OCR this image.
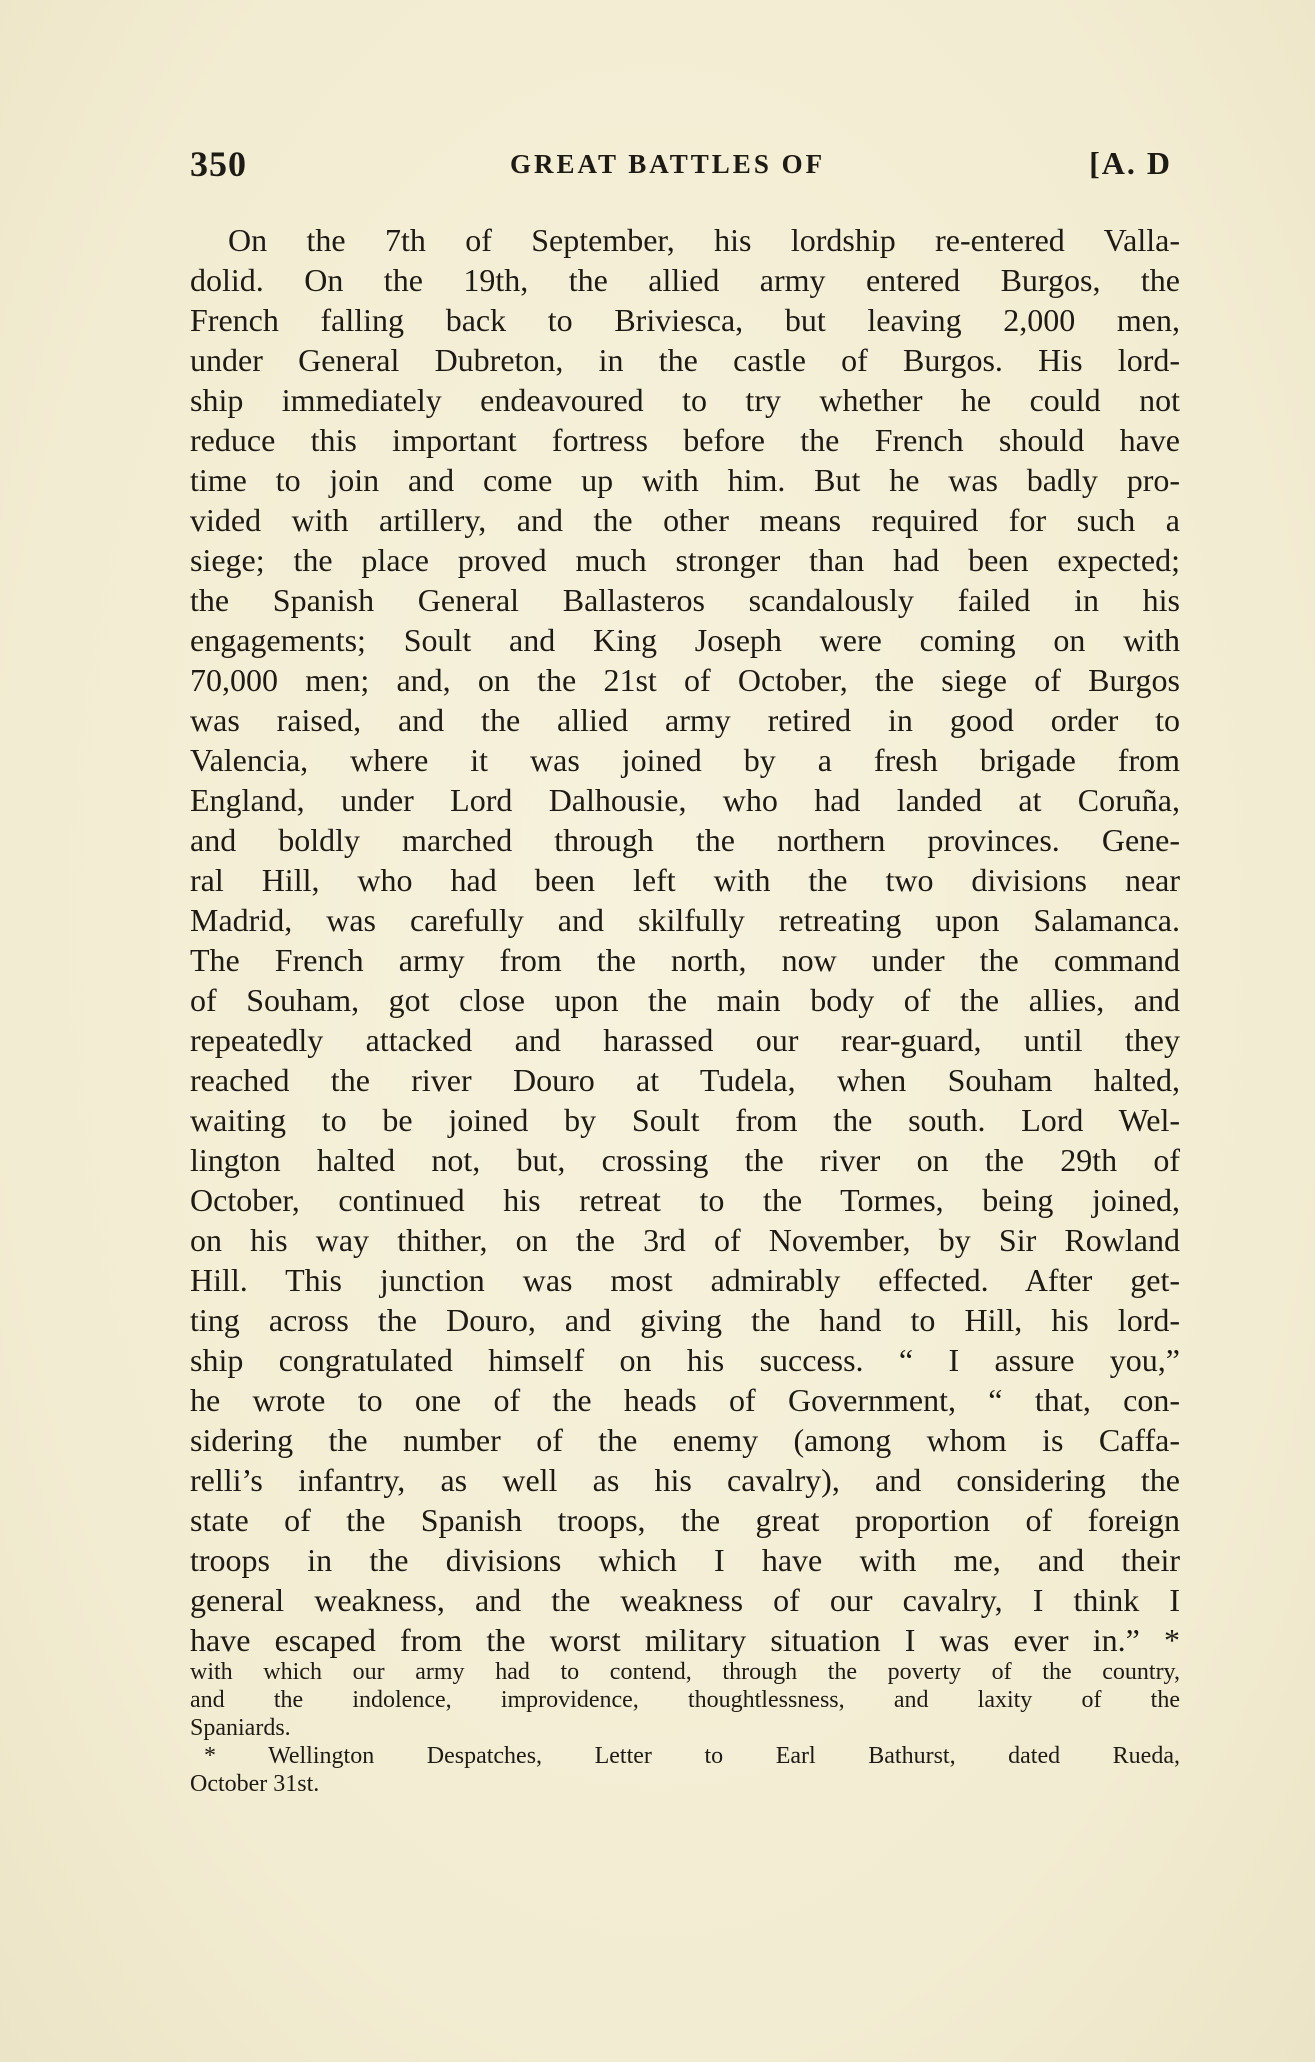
350	GREAT BATTLES OF	[A. D
On the 7th of September, his lordship re-entered Valla-
dolid. On the 19th, the allied army entered Burgos, the
French falling back to Briviesca, but leaving 2,000 men,
under General Dubreton, in the castle of Burgos. His lord-
ship immediately endeavoured to try whether he could not
reduce this important fortress before the French should have
time to join and come up with him. But he was badly pro-
vided with artillery, and the other means required for such a
siege; the place proved much stronger than had been expected;
the Spanish General Ballasteros scandalously failed in his
engagements; Soult and King Joseph were coming on with
70,000 men; and, on the 21st of October, the siege of Burgos
was raised, and the allied army retired in good order to
Valencia, where it was joined by a fresh brigade from
England, under Lord Dalhousie, who had landed at Coruña,
and boldly marched through the northern provinces. Gene-
ral Hill, who had been left with the two divisions near
Madrid, was carefully and skilfully retreating upon Salamanca.
The French army from the north, now under the command
of Souham, got close upon the main body of the allies, and
repeatedly attacked and harassed our rear-guard, until they
reached the river Douro at Tudela, when Souham halted,
waiting to be joined by Soult from the south. Lord Wel-
lington halted not, but, crossing the river on the 29th of
October, continued his retreat to the Tormes, being joined,
on his way thither, on the 3rd of November, by Sir Rowland
Hill. This junction was most admirably effected. After get-
ting across the Douro, and giving the hand to Hill, his lord-
ship congratulated himself on his success. “ I assure you,”
he wrote to one of the heads of Government, “ that, con-
sidering the number of the enemy (among whom is Caffa-
relli’s infantry, as well as his cavalry), and considering the
state of the Spanish troops, the great proportion of foreign
troops in the divisions which I have with me, and their
general weakness, and the weakness of our cavalry, I think I
have escaped from the worst military situation I was ever in.” *
with which our army had to contend, through the poverty of the country,
and the indolence, improvidence, thoughtlessness, and laxity of the
Spaniards.
* Wellington Despatches, Letter to Earl Bathurst, dated Rueda,
October 31st.
